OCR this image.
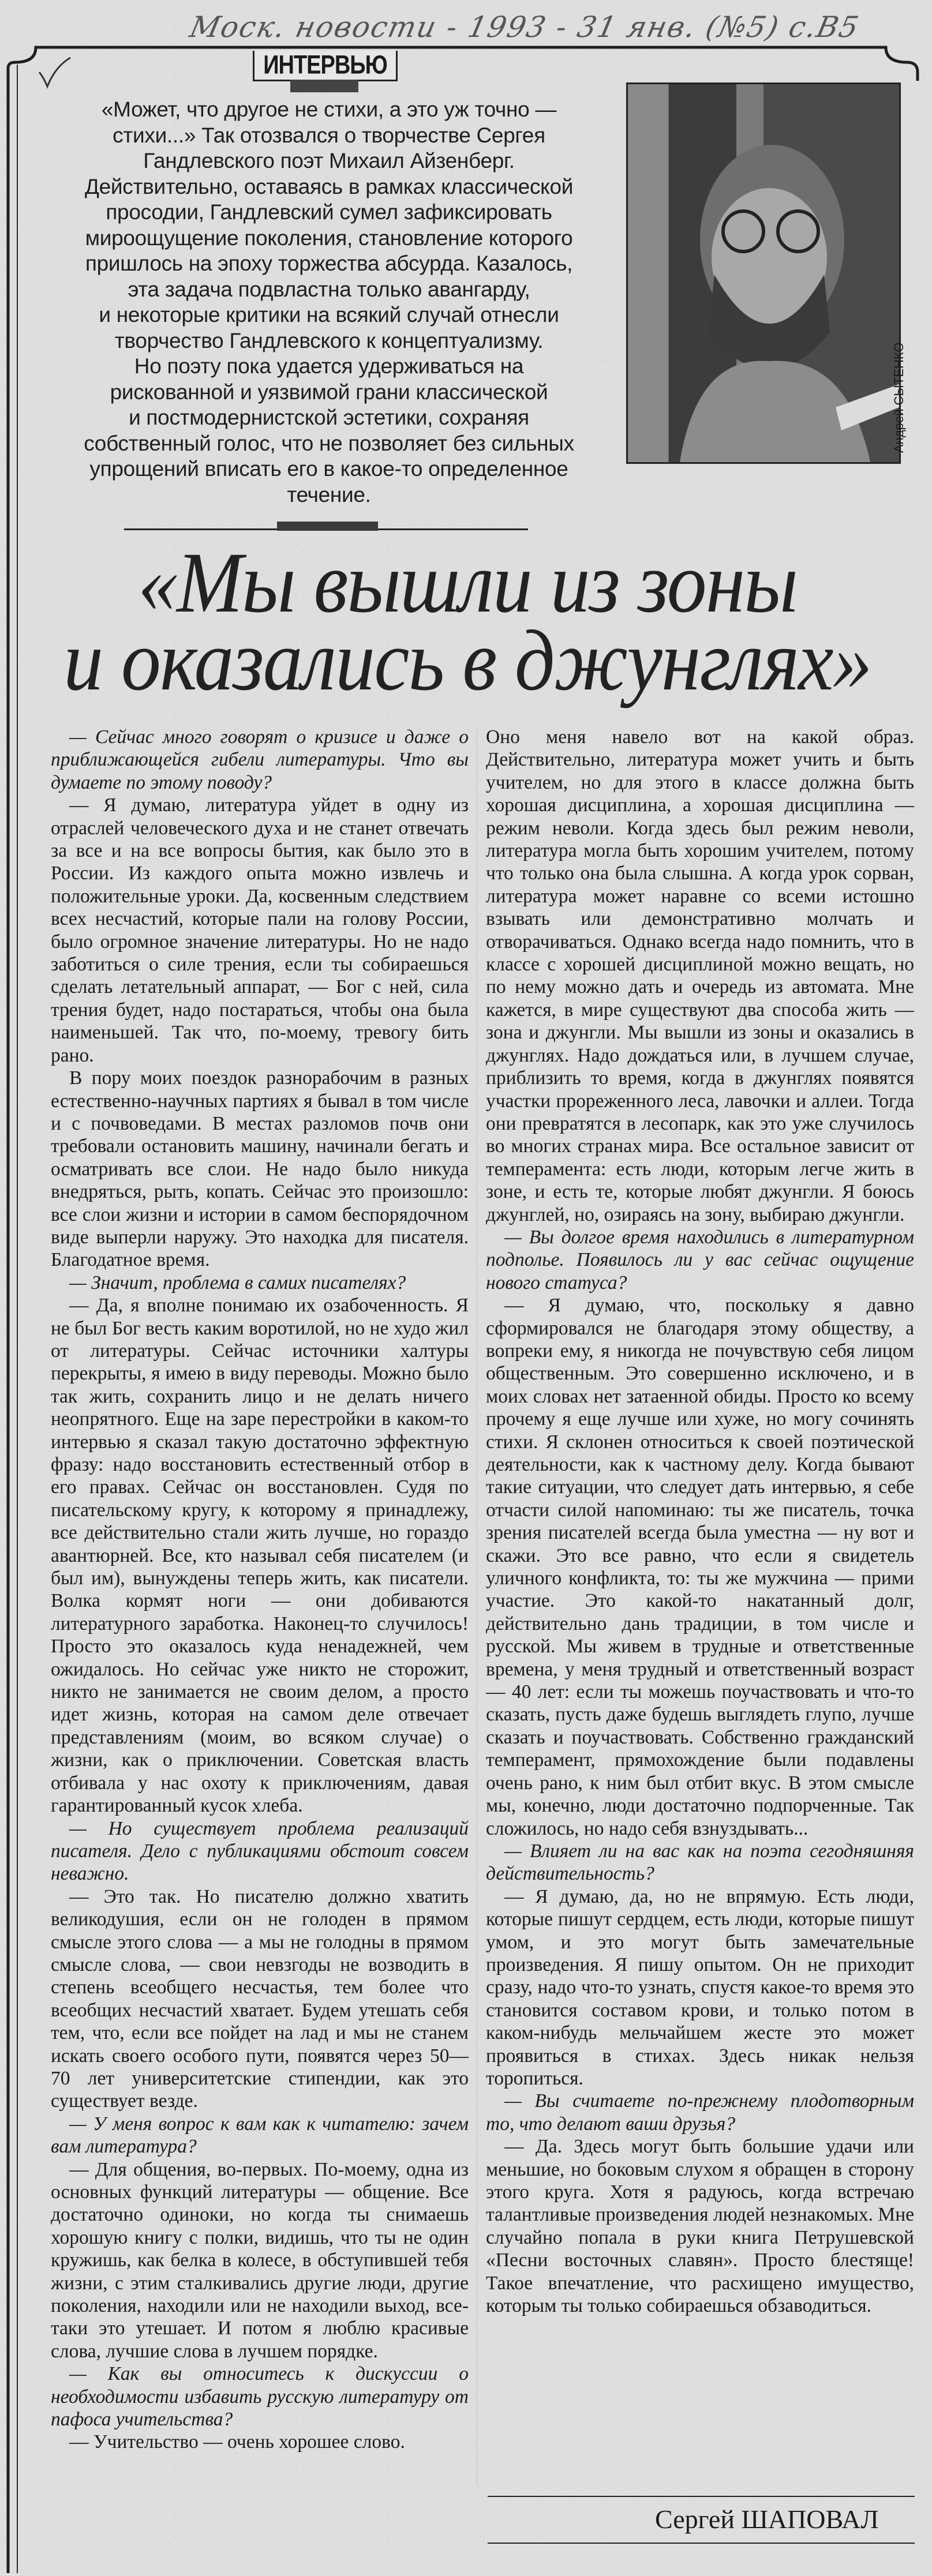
Моск. новости - 1993 - 31 янв. (№5) с.В5
ИНТЕРВЬЮ
«Может, что другое не стихи, а это уж точно —
стихи...» Так отозвался о творчестве Сергея
Гандлевского поэт Михаил Айзенберг.
Действительно, оставаясь в рамках классической
просодии, Гандлевский сумел зафиксировать
мироощущение поколения, становление которого
пришлось на эпоху торжества абсурда. Казалось,
эта задача подвластна только авангарду,
и некоторые критики на всякий случай отнесли
творчество Гандлевского к концептуализму.
Но поэту пока удается удерживаться на
рискованной и уязвимой грани классической
и постмодернистской эстетики, сохраняя
собственный голос, что не позволяет без сильных
упрощений вписать его в какое-то определенное
течение.
Андрей СЫТЕНКО
«Мы вышли из зоны
и оказались в джунглях»

— Сейчас много говорят о кризисе и даже о приближающейся гибели литературы. Что вы думаете по этому поводу?

— Я думаю, литература уйдет в одну из отраслей человеческого духа и не станет отвечать за все и на все вопросы бытия, как было это в России. Из каждого опыта можно извлечь и положительные уроки. Да, косвенным следствием всех несчастий, которые пали на голову России, было огромное значение литературы. Но не надо заботиться о силе трения, если ты собираешься сделать летательный аппарат, — Бог с ней, сила трения будет, надо постараться, чтобы она была наименьшей. Так что, по-моему, тревогу бить рано.

В пору моих поездок разнорабочим в разных естественно-научных партиях я бывал в том числе и с почвоведами. В местах разломов почв они требовали остановить машину, начинали бегать и осматривать все слои. Не надо было никуда внедряться, рыть, копать. Сейчас это произошло: все слои жизни и истории в самом беспорядочном виде выперли наружу. Это находка для писателя. Благодатное время.

— Значит, проблема в самих писателях?

— Да, я вполне понимаю их озабоченность. Я не был Бог весть каким воротилой, но не худо жил от литературы. Сейчас источники халтуры перекрыты, я имею в виду переводы. Можно было так жить, сохранить лицо и не делать ничего неопрятного. Еще на заре перестройки в каком-то интервью я сказал такую достаточно эффектную фразу: надо восстановить естественный отбор в его правах. Сейчас он восстановлен. Судя по писательскому кругу, к которому я принадлежу, все действительно стали жить лучше, но гораздо авантюрней. Все, кто называл себя писателем (и был им), вынуждены теперь жить, как писатели. Волка кормят ноги — они добиваются литературного заработка. Наконец-то случилось! Просто это оказалось куда ненадежней, чем ожидалось. Но сейчас уже никто не сторожит, никто не занимается не своим делом, а просто идет жизнь, которая на самом деле отвечает представлениям (моим, во всяком случае) о жизни, как о приключении. Советская власть отбивала у нас охоту к приключениям, давая гарантированный кусок хлеба.

— Но существует проблема реализаций писателя. Дело с публикациями обстоит совсем неважно.

— Это так. Но писателю должно хватить великодушия, если он не голоден в прямом смысле этого слова — а мы не голодны в прямом смысле слова, — свои невзгоды не возводить в степень всеобщего несчастья, тем более что всеобщих несчастий хватает. Будем утешать себя тем, что, если все пойдет на лад и мы не станем искать своего особого пути, появятся через 50—70 лет университетские стипендии, как это существует везде.

— У меня вопрос к вам как к читателю: зачем вам литература?

— Для общения, во-первых. По-моему, одна из основных функций литературы — общение. Все достаточно одиноки, но когда ты снимаешь хорошую книгу с полки, видишь, что ты не один кружишь, как белка в колесе, в обступившей тебя жизни, с этим сталкивались другие люди, другие поколения, находили или не находили выход, все-таки это утешает. И потом я люблю красивые слова, лучшие слова в лучшем порядке.

— Как вы относитесь к дискуссии о необходимости избавить русскую литературу от пафоса учительства?

— Учительство — очень хорошее слово.

Оно меня навело вот на какой образ. Действительно, литература может учить и быть учителем, но для этого в классе должна быть хорошая дисциплина, а хорошая дисциплина — режим неволи. Когда здесь был режим неволи, литература могла быть хорошим учителем, потому что только она была слышна. А когда урок сорван, литература может наравне со всеми истошно взывать или демонстративно молчать и отворачиваться. Однако всегда надо помнить, что в классе с хорошей дисциплиной можно вещать, но по нему можно дать и очередь из автомата. Мне кажется, в мире существуют два способа жить — зона и джунгли. Мы вышли из зоны и оказались в джунглях. Надо дождаться или, в лучшем случае, приблизить то время, когда в джунглях появятся участки прореженного леса, лавочки и аллеи. Тогда они превратятся в лесопарк, как это уже случилось во многих странах мира. Все остальное зависит от темперамента: есть люди, которым легче жить в зоне, и есть те, которые любят джунгли. Я боюсь джунглей, но, озираясь на зону, выбираю джунгли.

— Вы долгое время находились в литературном подполье. Появилось ли у вас сейчас ощущение нового статуса?

— Я думаю, что, поскольку я давно сформировался не благодаря этому обществу, а вопреки ему, я никогда не почувствую себя лицом общественным. Это совершенно исключено, и в моих словах нет затаенной обиды. Просто ко всему прочему я еще лучше или хуже, но могу сочинять стихи. Я склонен относиться к своей поэтической деятельности, как к частному делу. Когда бывают такие ситуации, что следует дать интервью, я себе отчасти силой напоминаю: ты же писатель, точка зрения писателей всегда была уместна — ну вот и скажи. Это все равно, что если я свидетель уличного конфликта, то: ты же мужчина — прими участие. Это какой-то накатанный долг, действительно дань традиции, в том числе и русской. Мы живем в трудные и ответственные времена, у меня трудный и ответственный возраст — 40 лет: если ты можешь поучаствовать и что-то сказать, пусть даже будешь выглядеть глупо, лучше сказать и поучаствовать. Собственно гражданский темперамент, прямохождение были подавлены очень рано, к ним был отбит вкус. В этом смысле мы, конечно, люди достаточно подпорченные. Так сложилось, но надо себя взнуздывать...

— Влияет ли на вас как на поэта сегодняшняя действительность?

— Я думаю, да, но не впрямую. Есть люди, которые пишут сердцем, есть люди, которые пишут умом, и это могут быть замечательные произведения. Я пишу опытом. Он не приходит сразу, надо что-то узнать, спустя какое-то время это становится составом крови, и только потом в каком-нибудь мельчайшем жесте это может проявиться в стихах. Здесь никак нельзя торопиться.

— Вы считаете по-прежнему плодотворным то, что делают ваши друзья?

— Да. Здесь могут быть большие удачи или меньшие, но боковым слухом я обращен в сторону этого круга. Хотя я радуюсь, когда встречаю талантливые произведения людей незнакомых. Мне случайно попала в руки книга Петрушевской «Песни восточных славян». Просто блестяще! Такое впечатление, что расхищено имущество, которым ты только собираешься обзаводиться.

Сергей ШАПОВАЛ
